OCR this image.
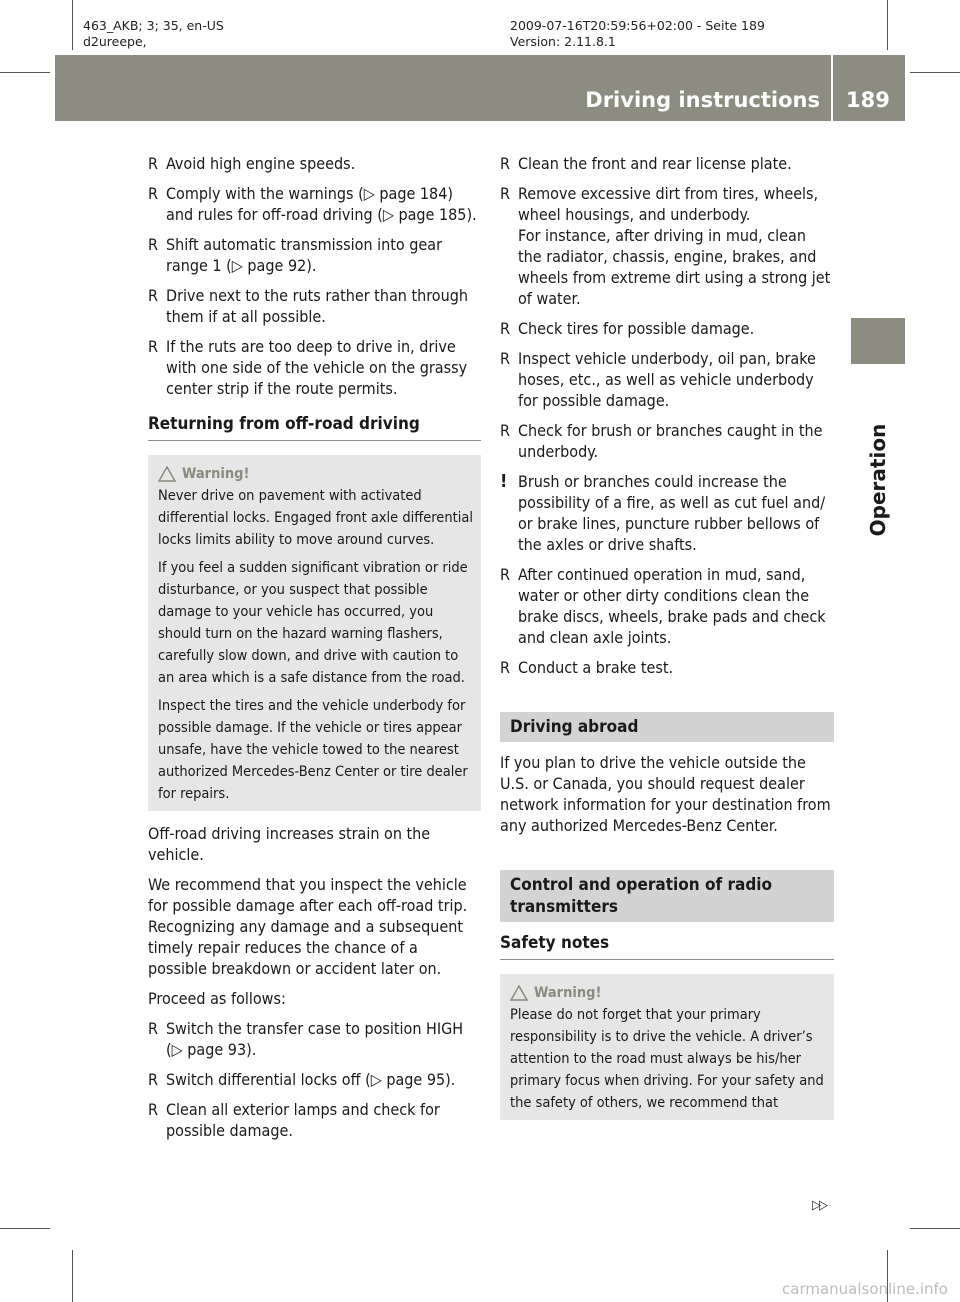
463_AKB; 3; 35, en-US
d2ureepe,
2009-07-16T20:59:56+02:00 - Seite 189
Version: 2.11.8.1
Driving instructions 189
Operation
R Avoid high engine speeds.
R Comply with the warnings (▷ page 184) and rules for off-road driving (▷ page 185).
R Shift automatic transmission into gear range 1 (▷ page 92).
R Drive next to the ruts rather than through them if at all possible.
R If the ruts are too deep to drive in, drive with one side of the vehicle on the grassy center strip if the route permits.
Returning from off-road driving
Warning!

Never drive on pavement with activated differential locks. Engaged front axle differential locks limits ability to move around curves.

If you feel a sudden significant vibration or ride disturbance, or you suspect that possible damage to your vehicle has occurred, you should turn on the hazard warning flashers, carefully slow down, and drive with caution to an area which is a safe distance from the road.

Inspect the tires and the vehicle underbody for possible damage. If the vehicle or tires appear unsafe, have the vehicle towed to the nearest authorized Mercedes-Benz Center or tire dealer for repairs.

Off-road driving increases strain on the vehicle.

We recommend that you inspect the vehicle for possible damage after each off-road trip. Recognizing any damage and a subsequent timely repair reduces the chance of a possible breakdown or accident later on.

Proceed as follows:

R Switch the transfer case to position HIGH (▷ page 93).
R Switch differential locks off (▷ page 95).
R Clean all exterior lamps and check for possible damage.
R Clean the front and rear license plate.
R Remove excessive dirt from tires, wheels, wheel housings, and underbody.
For instance, after driving in mud, clean the radiator, chassis, engine, brakes, and wheels from extreme dirt using a strong jet of water.
R Check tires for possible damage.
R Inspect vehicle underbody, oil pan, brake hoses, etc., as well as vehicle underbody for possible damage.
R Check for brush or branches caught in the underbody.
! Brush or branches could increase the possibility of a fire, as well as cut fuel and/ or brake lines, puncture rubber bellows of the axles or drive shafts.
R After continued operation in mud, sand, water or other dirty conditions clean the brake discs, wheels, brake pads and check and clean axle joints.
R Conduct a brake test.
Driving abroad

If you plan to drive the vehicle outside the U.S. or Canada, you should request dealer network information for your destination from any authorized Mercedes-Benz Center.

Control and operation of radio transmitters
Safety notes
Warning!

Please do not forget that your primary responsibility is to drive the vehicle. A driver’s attention to the road must always be his/her primary focus when driving. For your safety and the safety of others, we recommend that

▷▷
carmanualsonline.info
